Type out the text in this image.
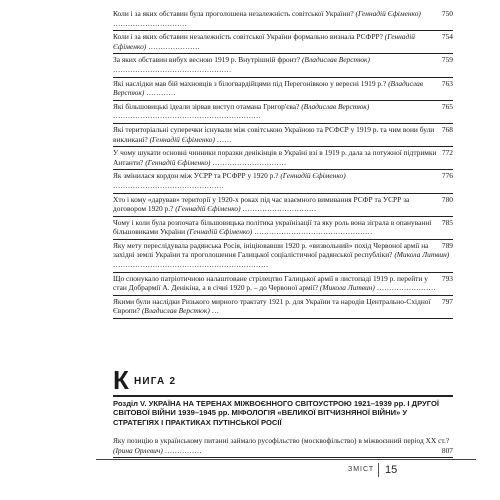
750
Коли і за яких обставин була проголошена незалежність совітської України? (Геннадій Єфіменко) …………………………
754
Коли і за яких обставин незалежність совітської України формально визнала РСФРР? (Геннадій Єфіменко) …………………
759
За яких обставин вибух весною 1919 р. Внутрішній фронт? (Владислав Верстюк) …………………………………………
763
Які наслідки мав бій махновців з білогвардійцями під Перегонівкою у вересні 1919 р.? (Владислав Верстюк) …………
765
Які більшовицькі ідеали зірвав виступ отамана Григор'єва? (Владислав Верстюк) ……………………………………………………
768
Які територіальні суперечки існували між совітською Україною та РСФСР у 1919 р. та чим вони були викликані? (Геннадій Єфіменко) ……
772
У чому шукати основні чинники поразки денікінців в Україні взі в 1919 р. дала за потужної підтримки Антанти? (Геннадій Єфіменко) …………………………
776
Як змінилася кордон між УСРР та РСФРР у 1920 р.? (Геннадій Єфіменко) ………………………………………
780
Хто і кому «дарував» території у 1920-х роках під час взаємного вимивання РСФР та УСРР за договором 1920 р.? (Геннадій Єфіменко) …………………………
785
Чому і коли була розпочата більшовицька політика українізації та яку роль вона зіграла в опануванні більшовиками України (Геннадій Єфіменко) …………………………………………
789
Яку мету переслідувала радянська Росія, ініціювавши 1920 р. «визвольний» похід Червоної армії на західні землі України та проголошення Галицької соціалістичної радянської республіки? (Микола Литвин) ………………………………………………………
793
Що спонукало патріотичною налаштоване стрілецтво Галицької армії в листопаді 1919 р. перейти у стан Добрармії А. Денікіна, а в січні 1920 р. – до Червоної армії? (Микола Литвин) ……………………
797
Якими були наслідки Ризького мирного трактату 1921 р. для України та народів Центрально-Східної Європи? (Владислав Верстюк) …
К НИГА 2
Розділ V. УКРАЇНА НА ТЕРЕНАХ МІЖВОЄННОГО СВІТОУСТРОЮ 1921–1939 рр. І ДРУГОЇ СВІТОВОЇ ВІЙНИ 1939–1945 рр. МІФОЛОГІЯ «ВЕЛИКОЇ ВІТЧИЗНЯНОЇ ВІЙНИ» У СТРАТЕГІЯХ І ПРАКТИКАХ ПУТІНСЬКОЇ РОСІЇ
Яку позицію в українському питанні займало русофільство (москвофільство) в міжвоєнний період XX ст.? (Ірина Орлевич) ……………	807
ЗМІСТ 15
